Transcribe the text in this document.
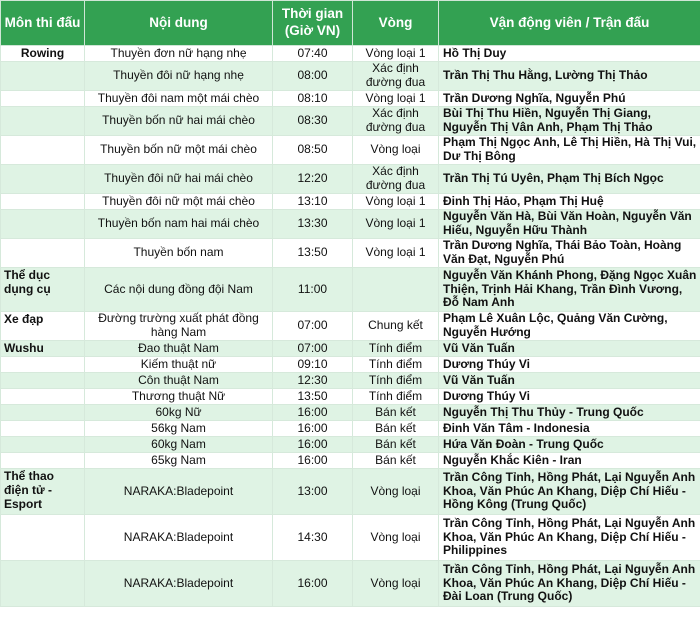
Môn thi đấu	Nội dung	Thời gian (Giờ VN)	Vòng	Vận động viên / Trận đấu
Rowing	Thuyền đơn nữ hạng nhẹ	07:40	Vòng loại 1	Hồ Thị Duy
	Thuyền đôi nữ hạng nhẹ	08:00	Xác định đường đua	Trần Thị Thu Hằng, Lường Thị Thảo
	Thuyền đôi nam một mái chèo	08:10	Vòng loại 1	Trần Dương Nghĩa, Nguyễn Phú
	Thuyền bốn nữ hai mái chèo	08:30	Xác định đường đua	Bùi Thị Thu Hiền, Nguyễn Thị Giang, Nguyễn Thị Vân Anh, Phạm Thị Thảo
	Thuyền bốn nữ một mái chèo	08:50	Vòng loại	Phạm Thị Ngọc Anh, Lê Thị Hiền, Hà Thị Vui, Dư Thị Bông
	Thuyền đôi nữ hai mái chèo	12:20	Xác định đường đua	Trần Thị Tú Uyên, Phạm Thị Bích Ngọc
	Thuyền đôi nữ một mái chèo	13:10	Vòng loại 1	Đinh Thị Hảo, Phạm Thị Huệ
	Thuyền bốn nam hai mái chèo	13:30	Vòng loại 1	Nguyễn Văn Hà, Bùi Văn Hoàn, Nguyễn Văn Hiếu, Nguyễn Hữu Thành
	Thuyền bốn nam	13:50	Vòng loại 1	Trần Dương Nghĩa, Thái Bảo Toàn, Hoàng Văn Đạt, Nguyễn Phú
Thể dục dụng cụ	Các nội dung đồng đội Nam	11:00		Nguyễn Văn Khánh Phong, Đặng Ngọc Xuân Thiện, Trịnh Hải Khang, Trần Đình Vương, Đỗ Nam Anh
Xe đạp	Đường trường xuất phát đồng hàng Nam	07:00	Chung kết	Phạm Lê Xuân Lộc, Quảng Văn Cường, Nguyễn Hướng
Wushu	Đao thuật Nam	07:00	Tính điểm	Vũ Văn Tuấn
	Kiếm thuật nữ	09:10	Tính điểm	Dương Thúy Vi
	Côn thuật Nam	12:30	Tính điểm	Vũ Văn Tuấn
	Thương thuật Nữ	13:50	Tính điểm	Dương Thúy Vi
	60kg Nữ	16:00	Bán kết	Nguyễn Thị Thu Thủy - Trung Quốc
	56kg Nam	16:00	Bán kết	Đinh Văn Tâm - Indonesia
	60kg Nam	16:00	Bán kết	Hứa Văn Đoàn - Trung Quốc
	65kg Nam	16:00	Bán kết	Nguyễn Khắc Kiên - Iran
Thể thao điện tử - Esport	NARAKA:Bladepoint	13:00	Vòng loại	Trần Công Tỉnh, Hồng Phát, Lại Nguyễn Anh Khoa, Văn Phúc An Khang, Diệp Chí Hiếu - Hồng Kông (Trung Quốc)
	NARAKA:Bladepoint	14:30	Vòng loại	Trần Công Tỉnh, Hồng Phát, Lại Nguyễn Anh Khoa, Văn Phúc An Khang, Diệp Chí Hiếu - Philippines
	NARAKA:Bladepoint	16:00	Vòng loại	Trần Công Tỉnh, Hồng Phát, Lại Nguyễn Anh Khoa, Văn Phúc An Khang, Diệp Chí Hiếu - Đài Loan (Trung Quốc)
